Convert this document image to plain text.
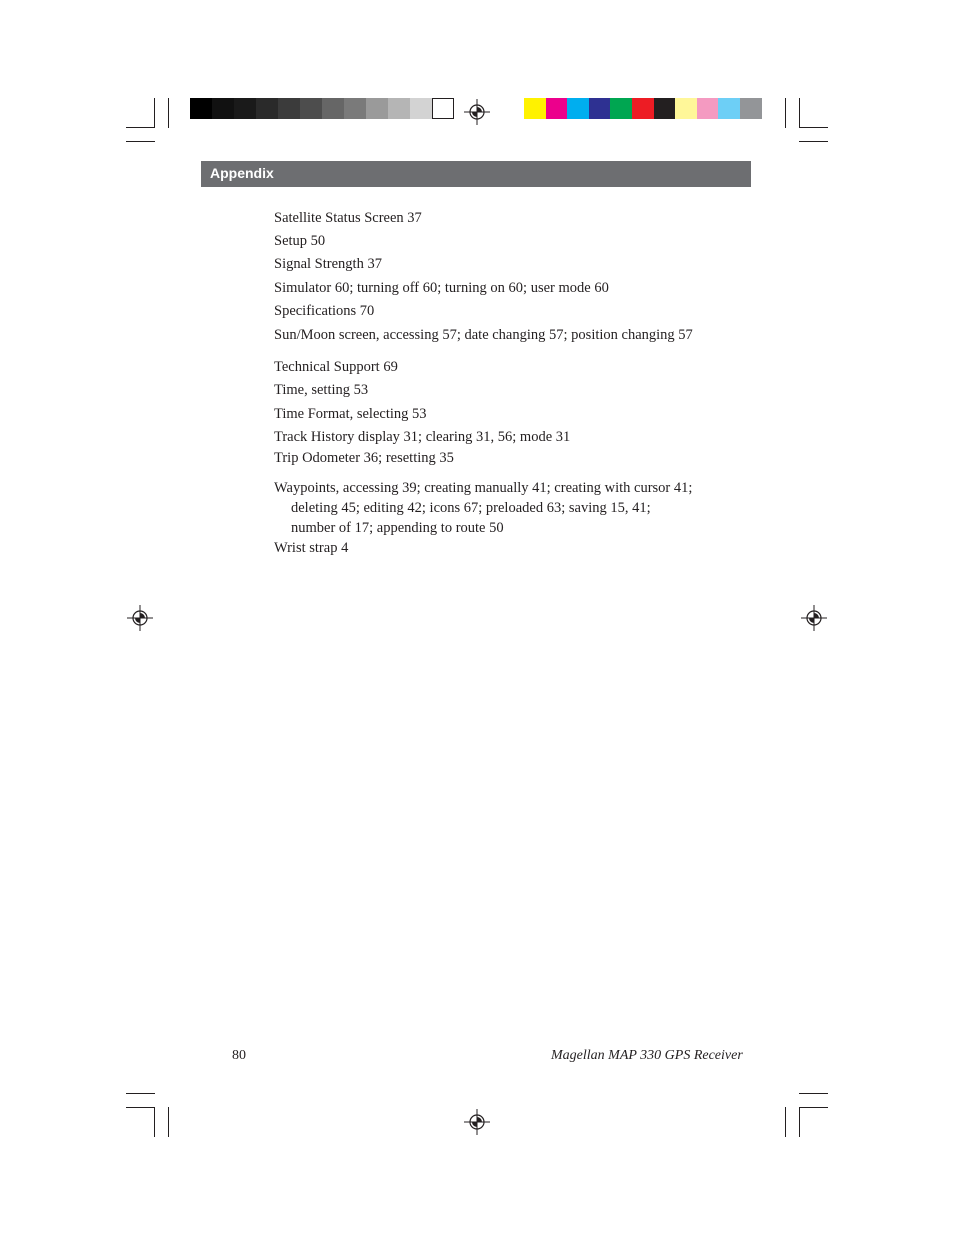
Appendix
Satellite Status Screen 37
Setup 50
Signal Strength 37
Simulator 60; turning off 60; turning on 60; user mode 60
Specifications 70
Sun/Moon screen, accessing 57; date changing 57; position changing 57
Technical Support 69
Time, setting 53
Time Format, selecting 53
Track History display 31; clearing 31, 56; mode 31
Trip Odometer 36; resetting 35
Waypoints, accessing 39; creating manually 41; creating with cursor 41;
deleting 45; editing 42; icons 67; preloaded 63; saving 15, 41;
number of 17; appending to route 50
Wrist strap 4
80	Magellan MAP 330 GPS Receiver
